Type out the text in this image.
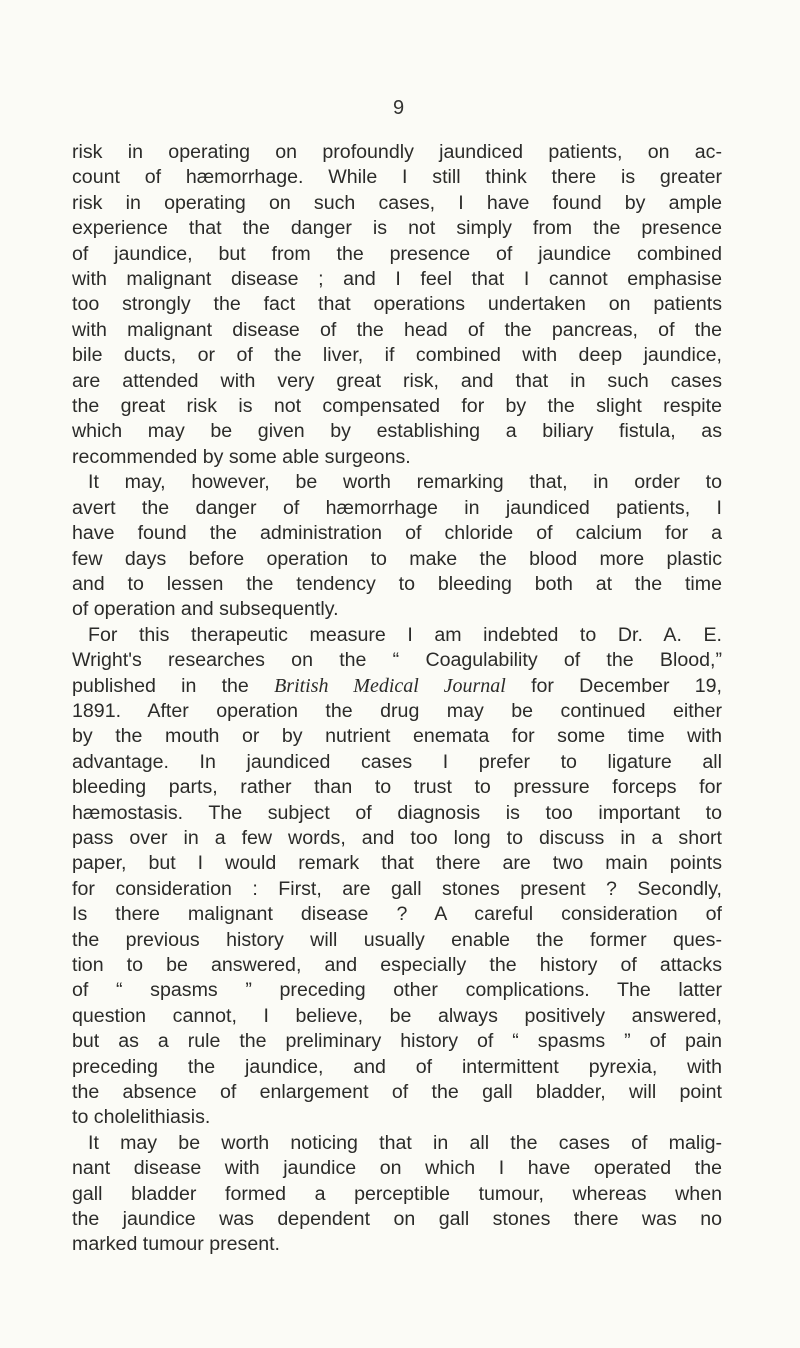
9
risk in operating on profoundly jaundiced patients, on ac-
count of hæmorrhage. While I still think there is greater
risk in operating on such cases, I have found by ample
experience that the danger is not simply from the presence
of jaundice, but from the presence of jaundice combined
with malignant disease ; and I feel that I cannot emphasise
too strongly the fact that operations undertaken on patients
with malignant disease of the head of the pancreas, of the
bile ducts, or of the liver, if combined with deep jaundice,
are attended with very great risk, and that in such cases
the great risk is not compensated for by the slight respite
which may be given by establishing a biliary fistula, as
recommended by some able surgeons.
It may, however, be worth remarking that, in order to
avert the danger of hæmorrhage in jaundiced patients, I
have found the administration of chloride of calcium for a
few days before operation to make the blood more plastic
and to lessen the tendency to bleeding both at the time
of operation and subsequently.
For this therapeutic measure I am indebted to Dr. A. E.
Wright's researches on the “ Coagulability of the Blood,”
published in the British Medical Journal for December 19,
1891. After operation the drug may be continued either
by the mouth or by nutrient enemata for some time with
advantage. In jaundiced cases I prefer to ligature all
bleeding parts, rather than to trust to pressure forceps for
hæmostasis. The subject of diagnosis is too important to
pass over in a few words, and too long to discuss in a short
paper, but I would remark that there are two main points
for consideration : First, are gall stones present ? Secondly,
Is there malignant disease ? A careful consideration of
the previous history will usually enable the former ques-
tion to be answered, and especially the history of attacks
of “ spasms ” preceding other complications. The latter
question cannot, I believe, be always positively answered,
but as a rule the preliminary history of “ spasms ” of pain
preceding the jaundice, and of intermittent pyrexia, with
the absence of enlargement of the gall bladder, will point
to cholelithiasis.
It may be worth noticing that in all the cases of malig-
nant disease with jaundice on which I have operated the
gall bladder formed a perceptible tumour, whereas when
the jaundice was dependent on gall stones there was no
marked tumour present.
